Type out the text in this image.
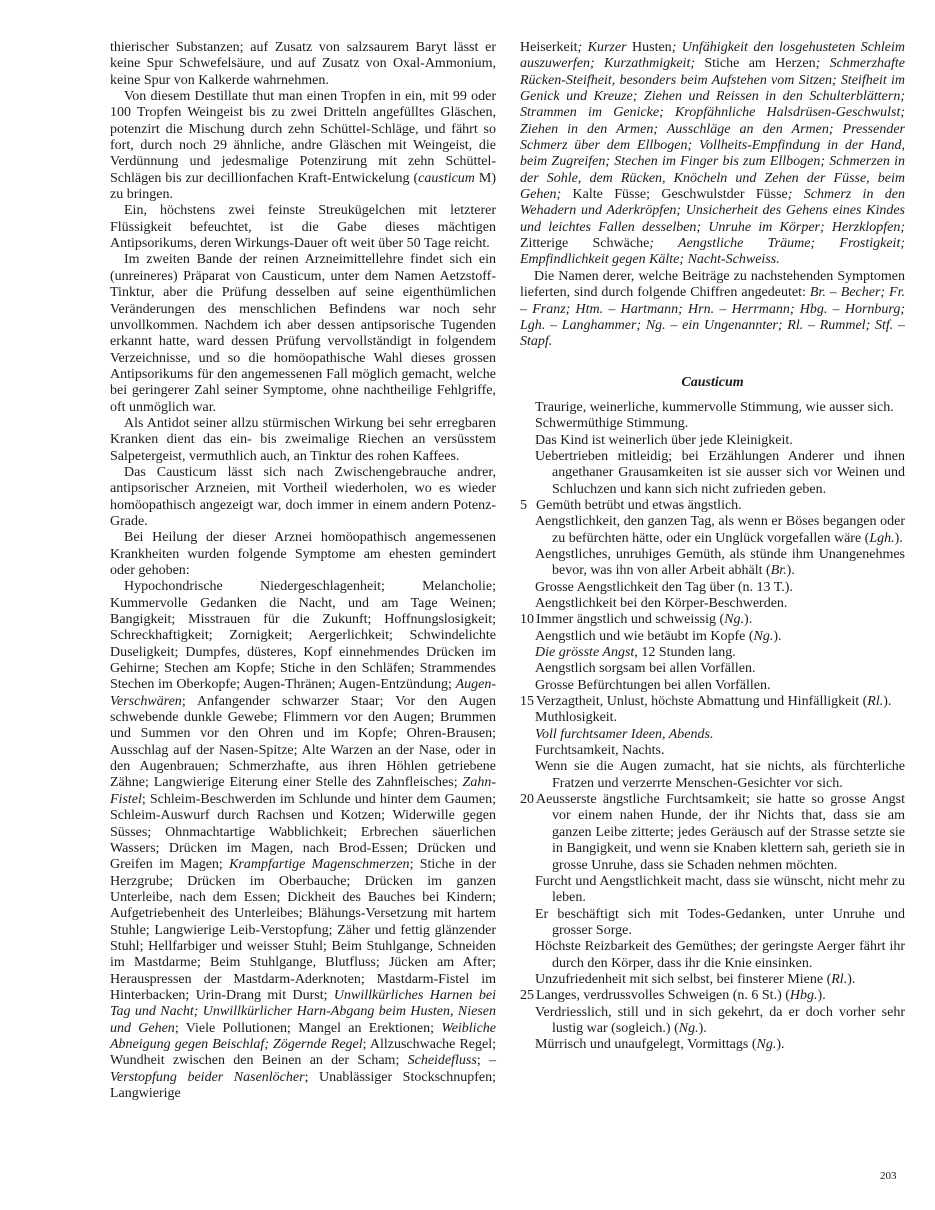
thierischer Substanzen; auf Zusatz von salzsaurem Baryt lässt er keine Spur Schwefelsäure, und auf Zusatz von Oxal-Ammonium, keine Spur von Kalkerde wahrnehmen.

Von diesem Destillate thut man einen Tropfen in ein, mit 99 oder 100 Tropfen Weingeist bis zu zwei Dritteln angefülltes Gläschen, potenzirt die Mischung durch zehn Schüttel-Schläge, und fährt so fort, durch noch 29 ähnliche, andre Gläschen mit Weingeist, die Verdünnung und jedesmalige Potenzirung mit zehn Schüttel-Schlägen bis zur decillionfachen Kraft-Entwickelung (causticum M) zu bringen.

Ein, höchstens zwei feinste Streukügelchen mit letzterer Flüssigkeit befeuchtet, ist die Gabe dieses mächtigen Antipsorikums, deren Wirkungs-Dauer oft weit über 50 Tage reicht.

Im zweiten Bande der reinen Arzneimittellehre findet sich ein (unreineres) Präparat von Causticum, unter dem Namen Aetzstoff-Tinktur, aber die Prüfung desselben auf seine eigenthümlichen Veränderungen des menschlichen Befindens war noch sehr unvollkommen. Nachdem ich aber dessen antipsorische Tugenden erkannt hatte, ward dessen Prüfung vervollständigt in folgendem Verzeichnisse, und so die homöopathische Wahl dieses grossen Antipsorikums für den angemessenen Fall möglich gemacht, welche bei geringerer Zahl seiner Symptome, ohne nachtheilige Fehlgriffe, oft unmöglich war.

Als Antidot seiner allzu stürmischen Wirkung bei sehr erregbaren Kranken dient das ein- bis zweimalige Riechen an versüsstem Salpetergeist, vermuthlich auch, an Tinktur des rohen Kaffees.

Das Causticum lässt sich nach Zwischengebrauche andrer, antipsorischer Arzneien, mit Vortheil wiederholen, wo es wieder homöopathisch angezeigt war, doch immer in einem andern Potenz-Grade.

Bei Heilung der dieser Arznei homöopathisch angemessenen Krankheiten wurden folgende Symptome am ehesten gemindert oder gehoben:

Hypochondrische Niedergeschlagenheit; Melancholie; Kummervolle Gedanken die Nacht, und am Tage Weinen; Bangigkeit; Misstrauen für die Zukunft; Hoffnungslosigkeit; Schreckhaftigkeit; Zornigkeit; Aergerlichkeit; Schwindelichte Duseligkeit; Dumpfes, düsteres, Kopf einnehmendes Drücken im Gehirne; Stechen am Kopfe; Stiche in den Schläfen; Strammendes Stechen im Oberkopfe; Augen-Thränen; Augen-Entzündung; Augen-Verschwären; Anfangender schwarzer Staar; Vor den Augen schwebende dunkle Gewebe; Flimmern vor den Augen; Brummen und Summen vor den Ohren und im Kopfe; Ohren-Brausen; Ausschlag auf der Nasen-Spitze; Alte Warzen an der Nase, oder in den Augenbrauen; Schmerzhafte, aus ihren Höhlen getriebene Zähne; Langwierige Eiterung einer Stelle des Zahnfleisches; Zahn-Fistel; Schleim-Beschwerden im Schlunde und hinter dem Gaumen; Schleim-Auswurf durch Rachsen und Kotzen; Widerwille gegen Süsses; Ohnmachtartige Wabblichkeit; Erbrechen säuerlichen Wassers; Drücken im Magen, nach Brod-Essen; Drücken und Greifen im Magen; Krampfartige Magenschmerzen; Stiche in der Herzgrube; Drücken im Oberbauche; Drücken im ganzen Unterleibe, nach dem Essen; Dickheit des Bauches bei Kindern; Aufgetriebenheit des Unterleibes; Blähungs-Versetzung mit hartem Stuhle; Langwierige Leib-Verstopfung; Zäher und fettig glänzender Stuhl; Hellfarbiger und weisser Stuhl; Beim Stuhlgange, Schneiden im Mastdarme; Beim Stuhlgange, Blutfluss; Jücken am After; Herauspressen der Mastdarm-Aderknoten; Mastdarm-Fistel im Hinterbacken; Urin-Drang mit Durst; Unwillkürliches Harnen bei Tag und Nacht; Unwillkürlicher Harn-Abgang beim Husten, Niesen und Gehen; Viele Pollutionen; Mangel an Erektionen; Weibliche Abneigung gegen Beischlaf; Zögernde Regel; Allzuschwache Regel; Wundheit zwischen den Beinen an der Scham; Scheidefluss; – Verstopfung beider Nasenlöcher; Unablässiger Stockschnupfen; Langwierige

Heiserkeit; Kurzer Husten; Unfähigkeit den losgehusteten Schleim auszuwerfen; Kurzathmigkeit; Stiche am Herzen; Schmerzhafte Rücken-Steifheit, besonders beim Aufstehen vom Sitzen; Steifheit im Genick und Kreuze; Ziehen und Reissen in den Schulterblättern; Strammen im Genicke; Kropfähnliche Halsdrüsen-Geschwulst; Ziehen in den Armen; Ausschläge an den Armen; Pressender Schmerz über dem Ellbogen; Vollheits-Empfindung in der Hand, beim Zugreifen; Stechen im Finger bis zum Ellbogen; Schmerzen in der Sohle, dem Rücken, Knöcheln und Zehen der Füsse, beim Gehen; Kalte Füsse; Geschwulstder Füsse; Schmerz in den Wehadern und Aderkröpfen; Unsicherheit des Gehens eines Kindes und leichtes Fallen desselben; Unruhe im Körper; Herzklopfen; Zitterige Schwäche; Aengstliche Träume; Frostigkeit; Empfindlichkeit gegen Kälte; Nacht-Schweiss.

Die Namen derer, welche Beiträge zu nachstehenden Symptomen lieferten, sind durch folgende Chiffren angedeutet: Br. – Becher; Fr. – Franz; Htm. – Hartmann; Hrn. – Herrmann; Hbg. – Hornburg; Lgh. – Langhammer; Ng. – ein Ungenannter; Rl. – Rummel; Stf. – Stapf.

Causticum

Traurige, weinerliche, kummervolle Stimmung, wie ausser sich.

Schwermüthige Stimmung.

Das Kind ist weinerlich über jede Kleinigkeit.

Uebertrieben mitleidig; bei Erzählungen Anderer und ihnen angethaner Grausamkeiten ist sie ausser sich vor Weinen und Schluchzen und kann sich nicht zufrieden geben.

5 Gemüth betrübt und etwas ängstlich.

Aengstlichkeit, den ganzen Tag, als wenn er Böses begangen oder zu befürchten hätte, oder ein Unglück vorgefallen wäre (Lgh.).

Aengstliches, unruhiges Gemüth, als stünde ihm Unangenehmes bevor, was ihn von aller Arbeit abhält (Br.).

Grosse Aengstlichkeit den Tag über (n. 13 T.).

Aengstlichkeit bei den Körper-Beschwerden.

10 Immer ängstlich und schweissig (Ng.).

Aengstlich und wie betäubt im Kopfe (Ng.).

Die grösste Angst, 12 Stunden lang.

Aengstlich sorgsam bei allen Vorfällen.

Grosse Befürchtungen bei allen Vorfällen.

15 Verzagtheit, Unlust, höchste Abmattung und Hinfälligkeit (Rl.).

Muthlosigkeit.

Voll furchtsamer Ideen, Abends.

Furchtsamkeit, Nachts.

Wenn sie die Augen zumacht, hat sie nichts, als fürchterliche Fratzen und verzerrte Menschen-Gesichter vor sich.

20 Aeusserste ängstliche Furchtsamkeit; sie hatte so grosse Angst vor einem nahen Hunde, der ihr Nichts that, dass sie am ganzen Leibe zitterte; jedes Geräusch auf der Strasse setzte sie in Bangigkeit, und wenn sie Knaben klettern sah, gerieth sie in grosse Unruhe, dass sie Schaden nehmen möchten.

Furcht und Aengstlichkeit macht, dass sie wünscht, nicht mehr zu leben.

Er beschäftigt sich mit Todes-Gedanken, unter Unruhe und grosser Sorge.

Höchste Reizbarkeit des Gemüthes; der geringste Aerger fährt ihr durch den Körper, dass ihr die Knie einsinken.

Unzufriedenheit mit sich selbst, bei finsterer Miene (Rl.).

25 Langes, verdrussvolles Schweigen (n. 6 St.) (Hbg.).

Verdriesslich, still und in sich gekehrt, da er doch vorher sehr lustig war (sogleich.) (Ng.).

Mürrisch und unaufgelegt, Vormittags (Ng.).

203
